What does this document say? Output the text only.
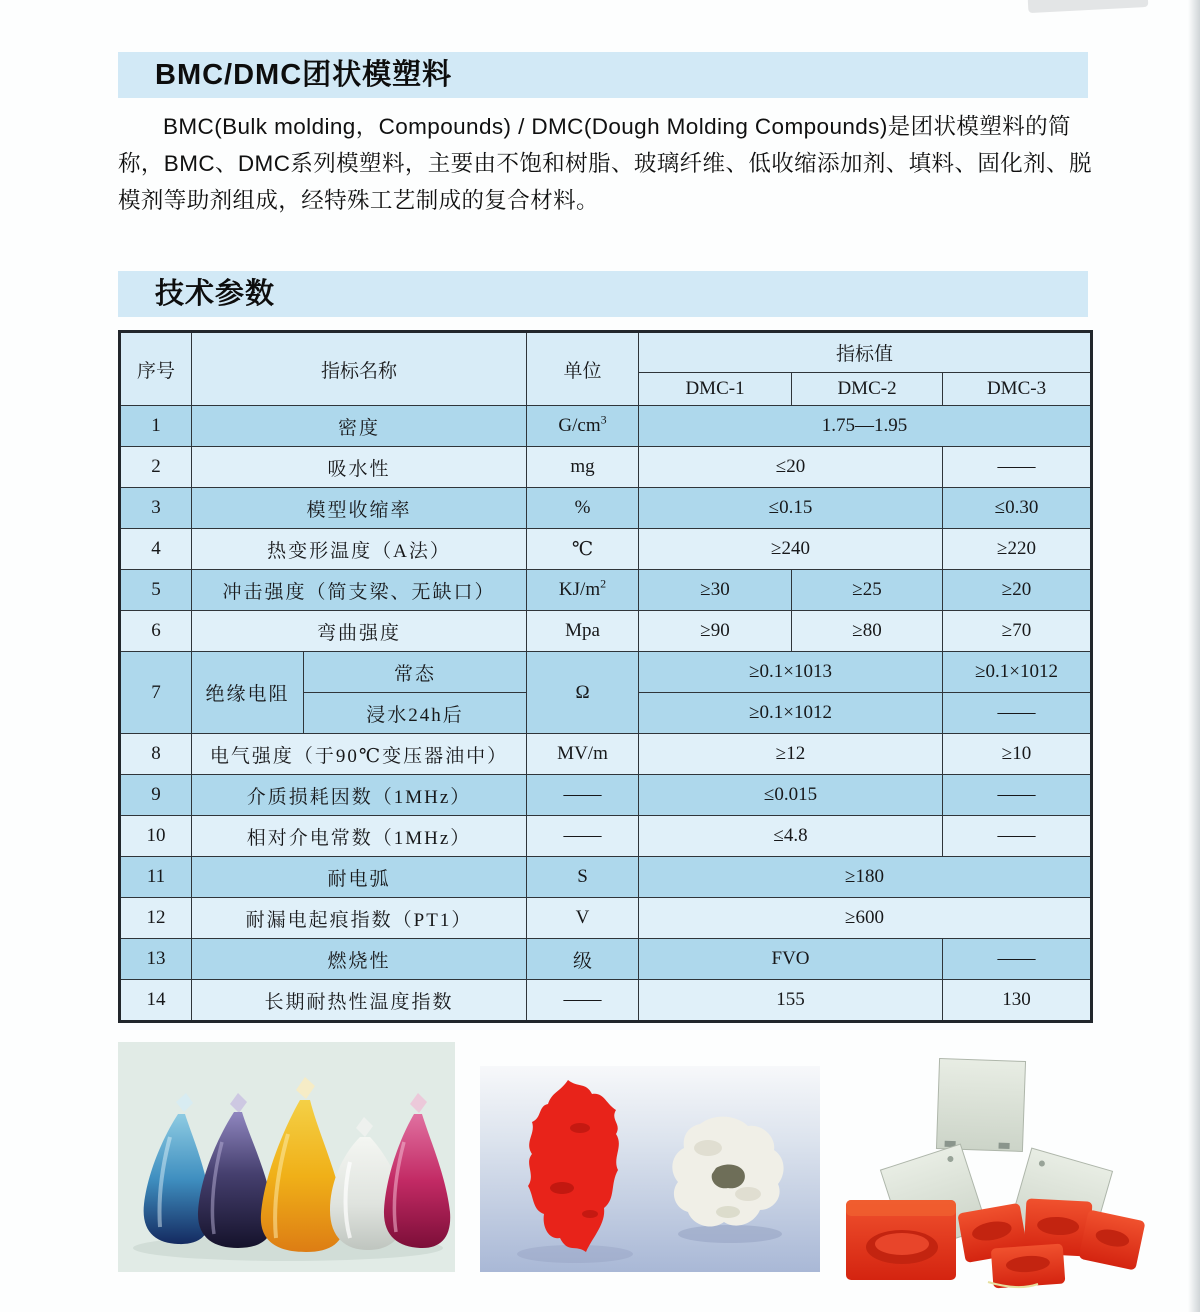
BMC/DMC团状模塑料

BMC(Bulk molding，Compounds) / DMC(Dough Molding Compounds)是团状模塑料的简称，BMC、DMC系列模塑料，主要由不饱和树脂、玻璃纤维、低收缩添加剂、填料、固化剂、脱模剂等助剂组成，经特殊工艺制成的复合材料。

技术参数
序号	指标名称		单位	指标值		
				DMC-1	DMC-2	DMC-3
1	密度		$G/cm^3$	1.75—1.95		
2	吸水性		mg	≤20		——
3	模型收缩率		%	≤0.15		≤0.30
4	热变形温度（A法）		℃	≥240		≥220
5	冲击强度（简支梁、无缺口）		$KJ/m^2$	≥30	≥25	≥20
6	弯曲强度		Mpa	≥90	≥80	≥70
7	绝缘电阻	常态	Ω	≥0.1×1013		≥0.1×1012
		浸水24h后		≥0.1×1012		——
8	电气强度（于90℃变压器油中）		MV/m	≥12		≥10
9	介质损耗因数（1MHz）		——	≤0.015		——
10	相对介电常数（1MHz）		——	≤4.8		——
11	耐电弧		S	≥180		
12	耐漏电起痕指数（PT1）		V	≥600		
13	燃烧性		级	FVO		——
14	长期耐热性温度指数		——	155		130
